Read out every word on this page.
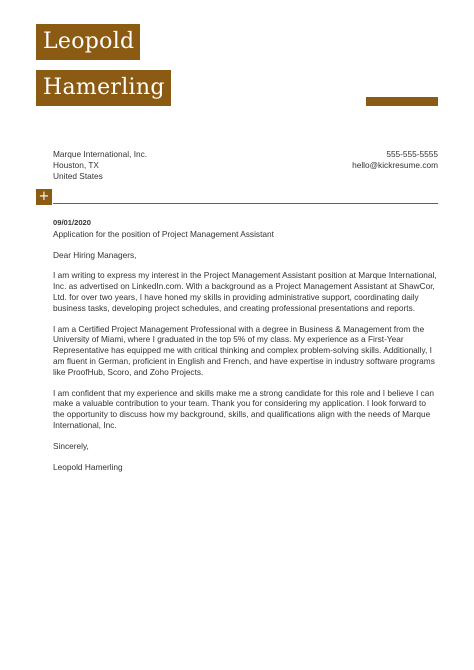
Leopold
Hamerling
Marque International, Inc.
Houston, TX
United States
555-555-5555
hello@kickresume.com
+

09/01/2020

Application for the position of Project Management Assistant

Dear Hiring Managers,

I am writing to express my interest in the Project Management Assistant position at Marque International, Inc. as advertised on LinkedIn.com. With a background as a Project Management Assistant at ShawCor, Ltd. for over two years, I have honed my skills in providing administrative support, coordinating daily business tasks, developing project schedules, and creating professional presentations and reports.

I am a Certified Project Management Professional with a degree in Business & Management from the University of Miami, where I graduated in the top 5% of my class. My experience as a First-Year Representative has equipped me with critical thinking and complex problem-solving skills. Additionally, I am fluent in German, proficient in English and French, and have expertise in industry software programs like ProofHub, Scoro, and Zoho Projects.

I am confident that my experience and skills make me a strong candidate for this role and I believe I can make a valuable contribution to your team. Thank you for considering my application. I look forward to the opportunity to discuss how my background, skills, and qualifications align with the needs of Marque International, Inc.

Sincerely,

Leopold Hamerling
